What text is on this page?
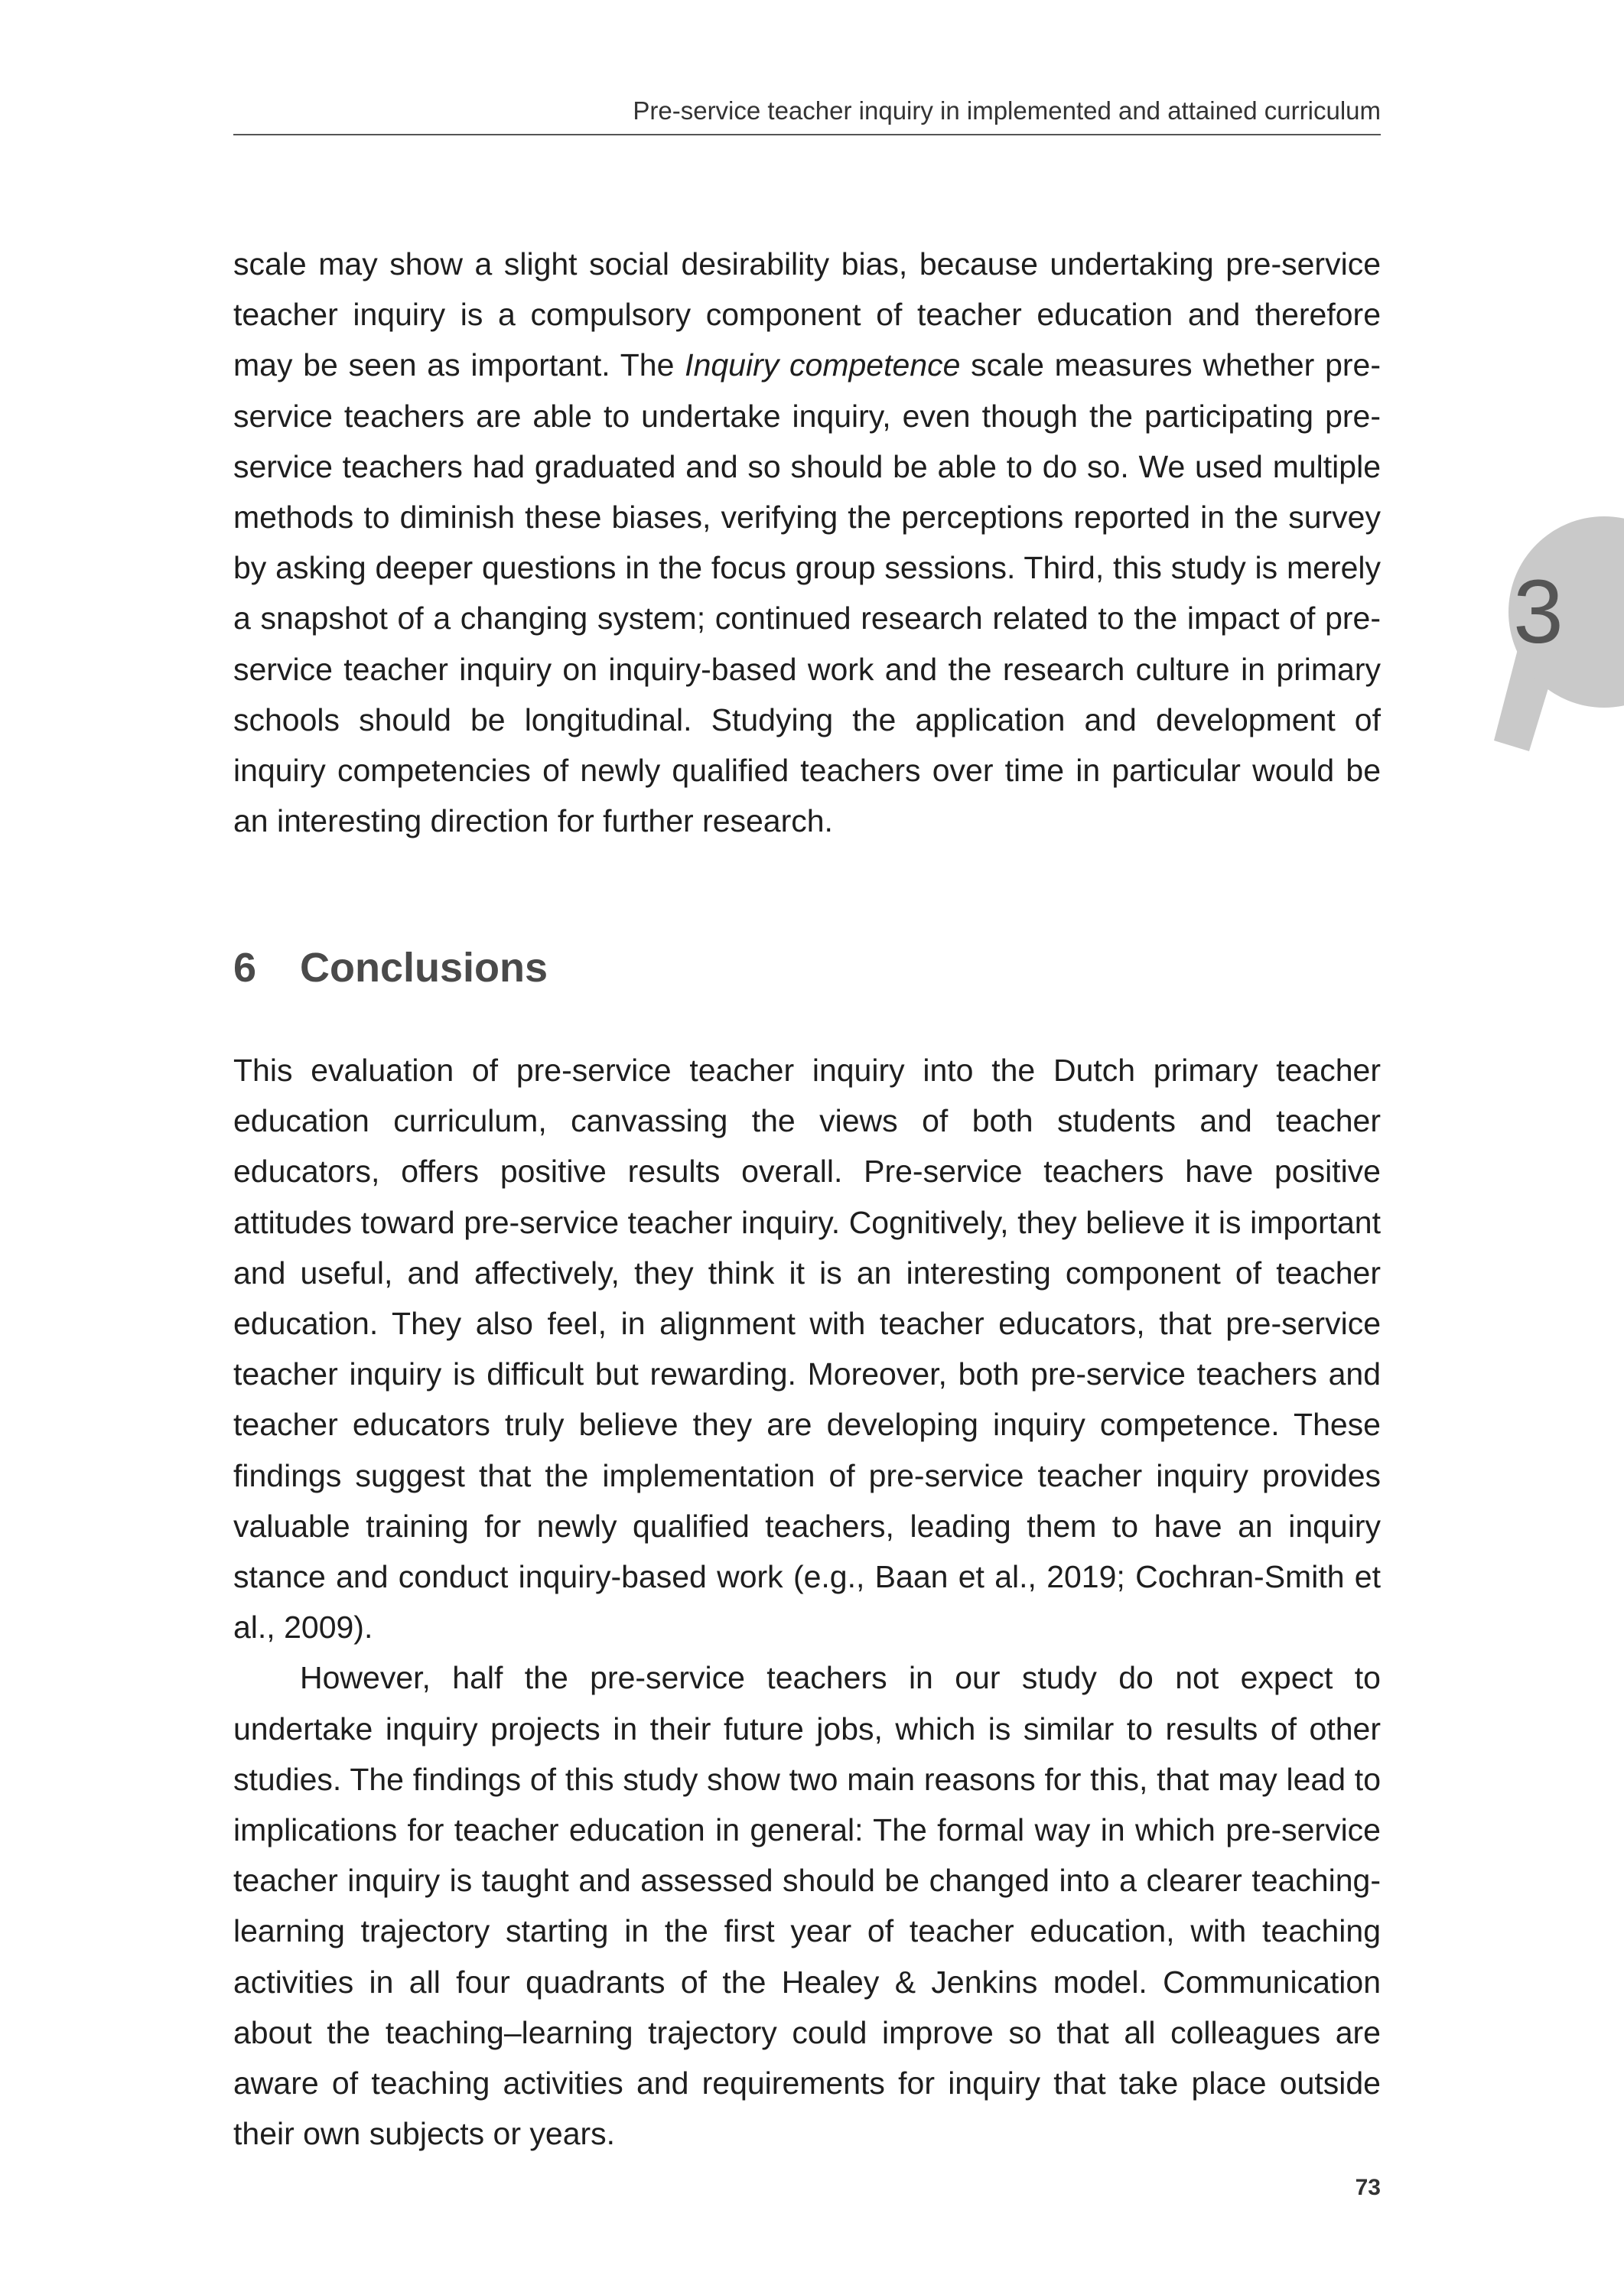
Pre-service teacher inquiry in implemented and attained curriculum
3

scale may show a slight social desirability bias, because undertaking pre-service teacher inquiry is a compulsory component of teacher education and therefore may be seen as important. The Inquiry competence scale measures whether pre-service teachers are able to undertake inquiry, even though the participating pre-service teachers had graduated and so should be able to do so. We used multiple methods to diminish these biases, verifying the perceptions reported in the survey by asking deeper questions in the focus group sessions. Third, this study is merely a snapshot of a changing system; continued research related to the impact of pre-service teacher inquiry on inquiry-based work and the research culture in primary schools should be longitudinal. Studying the application and development of inquiry competencies of newly qualified teachers over time in particular would be an interesting direction for further research.

6 Conclusions

This evaluation of pre-service teacher inquiry into the Dutch primary teacher education curriculum, canvassing the views of both students and teacher educators, offers positive results overall. Pre-service teachers have positive attitudes toward pre-service teacher inquiry. Cognitively, they believe it is important and useful, and affectively, they think it is an interesting component of teacher education. They also feel, in alignment with teacher educators, that pre-service teacher inquiry is difficult but rewarding. Moreover, both pre-service teachers and teacher educators truly believe they are developing inquiry competence. These findings suggest that the implementation of pre-service teacher inquiry provides valuable training for newly qualified teachers, leading them to have an inquiry stance and conduct inquiry-based work (e.g., Baan et al., 2019; Cochran-Smith et al., 2009).

However, half the pre-service teachers in our study do not expect to undertake inquiry projects in their future jobs, which is similar to results of other studies. The findings of this study show two main reasons for this, that may lead to implications for teacher education in general: The formal way in which pre-service teacher inquiry is taught and assessed should be changed into a clearer teaching-learning trajectory starting in the first year of teacher education, with teaching activities in all four quadrants of the Healey & Jenkins model. Communication about the teaching–learning trajectory could improve so that all colleagues are aware of teaching activities and requirements for inquiry that take place outside their own subjects or years.

73
